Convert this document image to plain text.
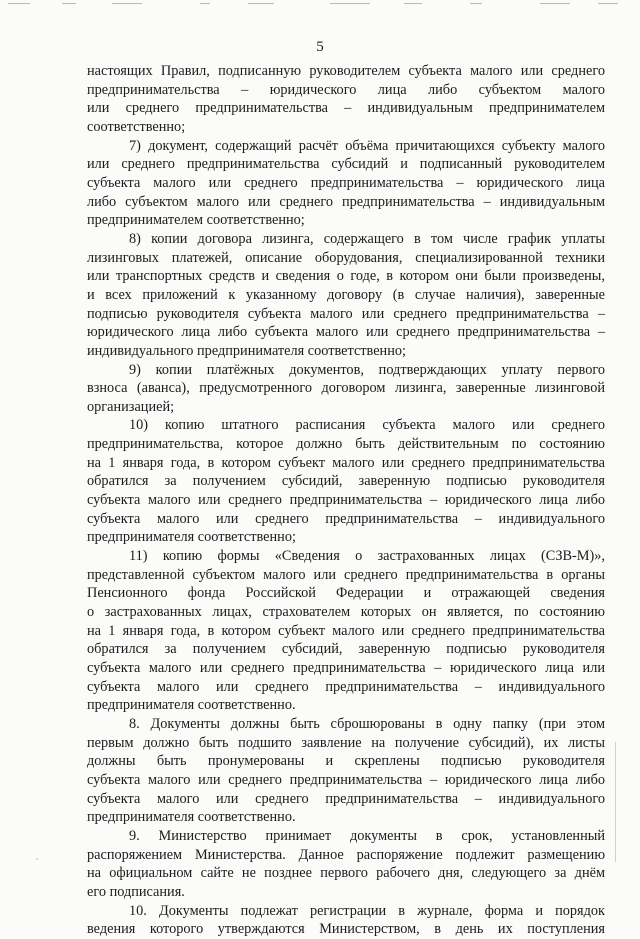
5

настоящих Правил, подписанную руководителем субъекта малого или среднего

предпринимательства – юридического лица либо субъектом малого

или среднего предпринимательства – индивидуальным предпринимателем

соответственно;

7) документ, содержащий расчёт объёма причитающихся субъекту малого

или среднего предпринимательства субсидий и подписанный руководителем

субъекта малого или среднего предпринимательства – юридического лица

либо субъектом малого или среднего предпринимательства – индивидуальным

предпринимателем соответственно;

8) копии договора лизинга, содержащего в том числе график уплаты

лизинговых платежей, описание оборудования, специализированной техники

или транспортных средств и сведения о годе, в котором они были произведены,

и всех приложений к указанному договору (в случае наличия), заверенные

подписью руководителя субъекта малого или среднего предпринимательства –

юридического лица либо субъекта малого или среднего предпринимательства –

индивидуального предпринимателя соответственно;

9) копии платёжных документов, подтверждающих уплату первого

взноса (аванса), предусмотренного договором лизинга, заверенные лизинговой

организацией;

10) копию штатного расписания субъекта малого или среднего

предпринимательства, которое должно быть действительным по состоянию

на 1 января года, в котором субъект малого или среднего предпринимательства

обратился за получением субсидий, заверенную подписью руководителя

субъекта малого или среднего предпринимательства – юридического лица либо

субъекта малого или среднего предпринимательства – индивидуального

предпринимателя соответственно;

11) копию формы «Сведения о застрахованных лицах (СЗВ-М)»,

представленной субъектом малого или среднего предпринимательства в органы

Пенсионного фонда Российской Федерации и отражающей сведения

о застрахованных лицах, страхователем которых он является, по состоянию

на 1 января года, в котором субъект малого или среднего предпринимательства

обратился за получением субсидий, заверенную подписью руководителя

субъекта малого или среднего предпринимательства – юридического лица или

субъекта малого или среднего предпринимательства – индивидуального

предпринимателя соответственно.

8. Документы должны быть сброшюрованы в одну папку (при этом

первым должно быть подшито заявление на получение субсидий), их листы

должны быть пронумерованы и скреплены подписью руководителя

субъекта малого или среднего предпринимательства – юридического лица либо

субъекта малого или среднего предпринимательства – индивидуального

предпринимателя соответственно.

9. Министерство принимает документы в срок, установленный

распоряжением Министерства. Данное распоряжение подлежит размещению

на официальном сайте не позднее первого рабочего дня, следующего за днём

его подписания.

10. Документы подлежат регистрации в журнале, форма и порядок

ведения которого утверждаются Министерством, в день их поступления
